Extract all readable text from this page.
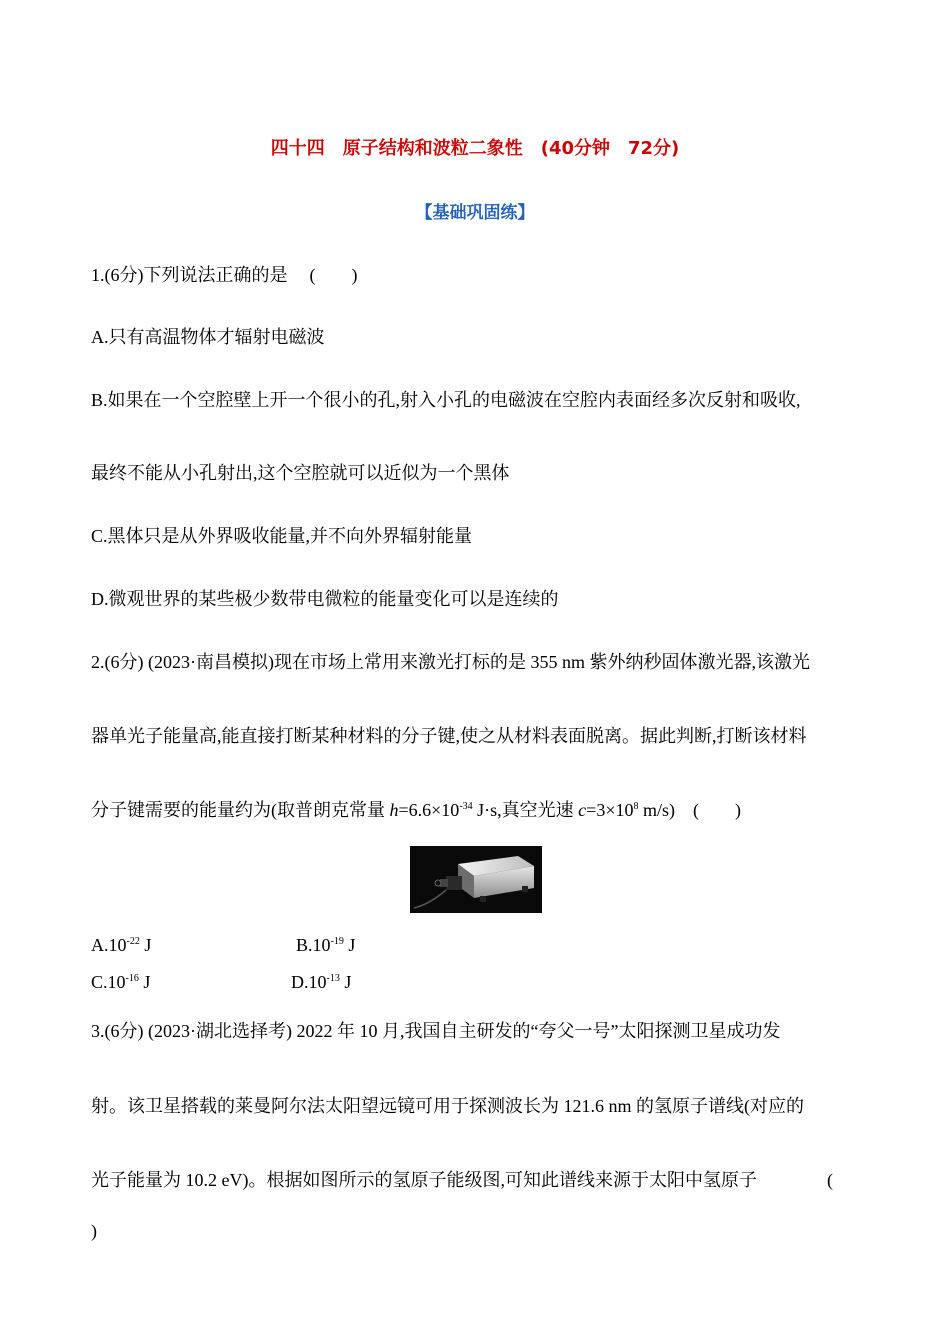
四十四 原子结构和波粒二象性 (40分钟 72分)
【基础巩固练】
1.(6分)下列说法正确的是 (        )
A.只有高温物体才辐射电磁波
B.如果在一个空腔壁上开一个很小的孔,射入小孔的电磁波在空腔内表面经多次反射和吸收,
最终不能从小孔射出,这个空腔就可以近似为一个黑体
C.黑体只是从外界吸收能量,并不向外界辐射能量
D.微观世界的某些极少数带电微粒的能量变化可以是连续的
2.(6分) (2023·南昌模拟)现在市场上常用来激光打标的是 355 nm 紫外纳秒固体激光器,该激光
器单光子能量高,能直接打断某种材料的分子键,使之从材料表面脱离。据此判断,打断该材料
分子键需要的能量约为(取普朗克常量 $h=6.6\times 10^{-34}$ J·s,真空光速 $c=3\times 10^8$ m/s) (        )
$A.10^{-22}$ J	$B.10^{-19}$ J
$C.10^{-16}$ J	$D.10^{-13}$ J
3.(6分) (2023·湖北选择考) 2022 年 10 月,我国自主研发的“夸父一号”太阳探测卫星成功发
射。该卫星搭载的莱曼阿尔法太阳望远镜可用于探测波长为 121.6 nm 的氢原子谱线(对应的
光子能量为 10.2 eV)。根据如图所示的氢原子能级图,可知此谱线来源于太阳中氢原子	(
)
